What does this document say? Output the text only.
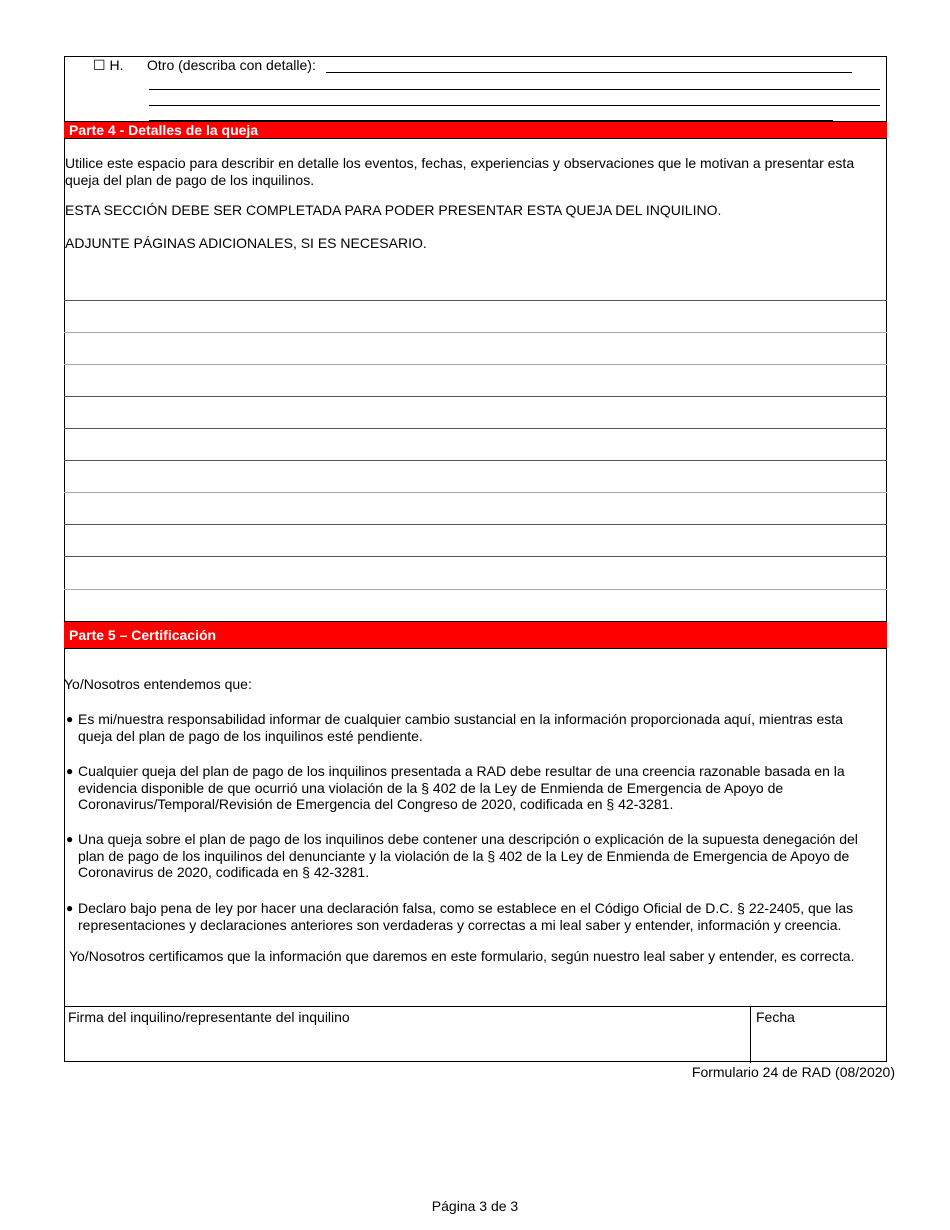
☐ H. Otro (describa con detalle):
Parte 4 - Detalles de la queja
Utilice este espacio para describir en detalle los eventos, fechas, experiencias y observaciones que le motivan a presentar esta queja del plan de pago de los inquilinos.
ESTA SECCIÓN DEBE SER COMPLETADA PARA PODER PRESENTAR ESTA QUEJA DEL INQUILINO.
ADJUNTE PÁGINAS ADICIONALES, SI ES NECESARIO.
Parte 5 – Certificación
Yo/Nosotros entendemos que:
● Es mi/nuestra responsabilidad informar de cualquier cambio sustancial en la información proporcionada aquí, mientras esta queja del plan de pago de los inquilinos esté pendiente.
● Cualquier queja del plan de pago de los inquilinos presentada a RAD debe resultar de una creencia razonable basada en la evidencia disponible de que ocurrió una violación de la § 402 de la Ley de Enmienda de Emergencia de Apoyo de Coronavirus/Temporal/Revisión de Emergencia del Congreso de 2020, codificada en § 42-3281.
● Una queja sobre el plan de pago de los inquilinos debe contener una descripción o explicación de la supuesta denegación del plan de pago de los inquilinos del denunciante y la violación de la § 402 de la Ley de Enmienda de Emergencia de Apoyo de Coronavirus de 2020, codificada en § 42-3281.
● Declaro bajo pena de ley por hacer una declaración falsa, como se establece en el Código Oficial de D.C. § 22-2405, que las representaciones y declaraciones anteriores son verdaderas y correctas a mi leal saber y entender, información y creencia.
Yo/Nosotros certificamos que la información que daremos en este formulario, según nuestro leal saber y entender, es correcta.
Firma del inquilino/representante del inquilino	Fecha
Formulario 24 de RAD (08/2020)
Página 3 de 3
